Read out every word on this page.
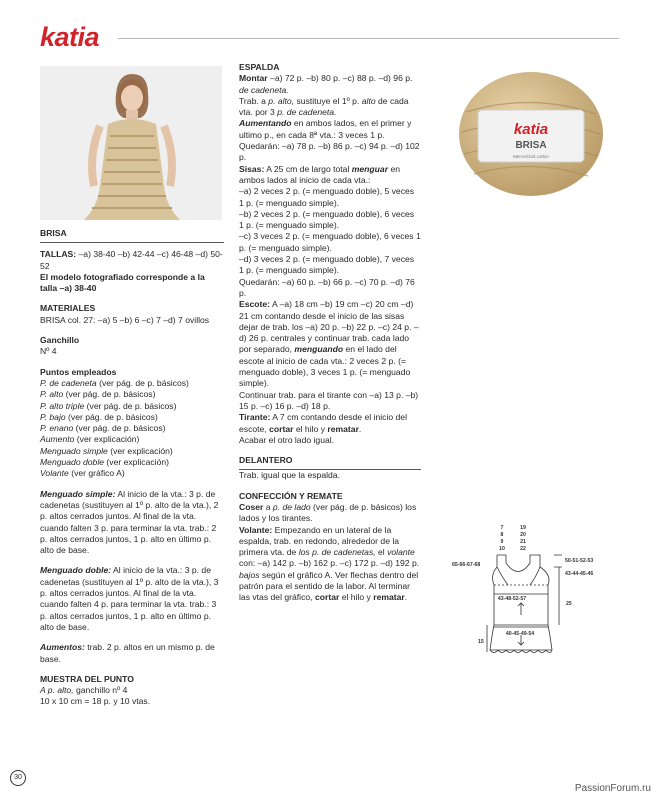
katia

BRISA

TALLAS: –a) 38-40 –b) 42-44 –c) 46-48 –d) 50-52

El modelo fotografiado corresponde a la talla –a) 38-40

MATERIALES

BRISA col. 27: –a) 5 –b) 6 –c) 7 –d) 7 ovillos

Ganchillo

Nº 4

Puntos empleados

P. de cadeneta (ver pág. de p. básicos)

P. alto (ver pág. de p. básicos)

P. alto triple (ver pág. de p. básicos)

P. bajo (ver pág. de p. básicos)

P. enano (ver pág. de p. básicos)

Aumento (ver explicación)

Menguado simple (ver explicación)

Menguado doble (ver explicación)

Volante (ver gráfico A)

Menguado simple: Al inicio de la vta.: 3 p. de cadenetas (sustituyen al 1º p. alto de la vta.), 2 p. altos cerrados juntos. Al final de la vta. cuando falten 3 p. para terminar la vta. trab.: 2 p. altos cerrados juntos, 1 p. alto en último p. alto de base.

Menguado doble: Al inicio de la vta.: 3 p. de cadenetas (sustituyen al 1º p. alto de la vta.), 3 p. altos cerrados juntos. Al final de la vta. cuando falten 4 p. para terminar la vta. trab.: 3 p. altos cerrados juntos, 1 p. alto en último p. alto de base.

Aumentos: trab. 2 p. altos en un mismo p. de base.

MUESTRA DEL PUNTO

A p. alto, ganchillo nº 4

10 x 10 cm = 18 p. y 10 vtas.

ESPALDA

Montar –a) 72 p. –b) 80 p. –c) 88 p. –d) 96 p. de cadeneta.

Trab. a p. alto, sustituye el 1º p. alto de cada vta. por 3 p. de cadeneta.

Aumentando en ambos lados, en el primer y ultimo p., en cada 8ª vta.: 3 veces 1 p.

Quedarán: –a) 78 p. –b) 86 p. –c) 94 p. –d) 102 p.

Sisas: A 25 cm de largo total menguar en ambos lados al inicio de cada vta.:

–a) 2 veces 2 p. (= menguado doble), 5 veces 1 p. (= menguado simple).

–b) 2 veces 2 p. (= menguado doble), 6 veces 1 p. (= menguado simple).

–c) 3 veces 2 p. (= menguado doble), 6 veces 1 p. (= menguado simple).

–d) 3 veces 2 p. (= menguado doble), 7 veces 1 p. (= menguado simple).

Quedarán: –a) 60 p. –b) 66 p. –c) 70 p. –d) 76 p.

Escote: A –a) 18 cm –b) 19 cm –c) 20 cm –d) 21 cm contando desde el inicio de las sisas dejar de trab. los –a) 20 p. –b) 22 p. –c) 24 p. –d) 26 p. centrales y continuar trab. cada lado por separado, menguando en el lado del escote al inicio de cada vta.: 2 veces 2 p. (= menguado doble), 3 veces 1 p. (= menguado simple).

Continuar trab. para el tirante con –a) 13 p. –b) 15 p. –c) 16 p. –d) 18 p.

Tirante: A 7 cm contando desde el inicio del escote, cortar el hilo y rematar.

Acabar el otro lado igual.

DELANTERO

Trab. igual que la espalda.

CONFECCIÓN Y REMATE

Coser a p. de lado (ver pág. de p. básicos) los lados y los tirantes.

Volante: Empezando en un lateral de la espalda, trab. en redondo, alrededor de la primera vta. de los p. de cadenetas, el volante con: –a) 142 p. –b) 162 p. –c) 172 p. –d) 192 p. bajos según el gráfico A. Ver flechas dentro del patrón para el sentido de la labor. Al terminar las vtas del gráfico, cortar el hilo y rematar.

katia
BRISA
Mercerized cotton
7
8
9
10
19
20
21
22
65-66-67-68
50-51-52-53
43-44-45-46
43-48-52-57
25
40-45-49-54
15
30
PassionForum.ru
